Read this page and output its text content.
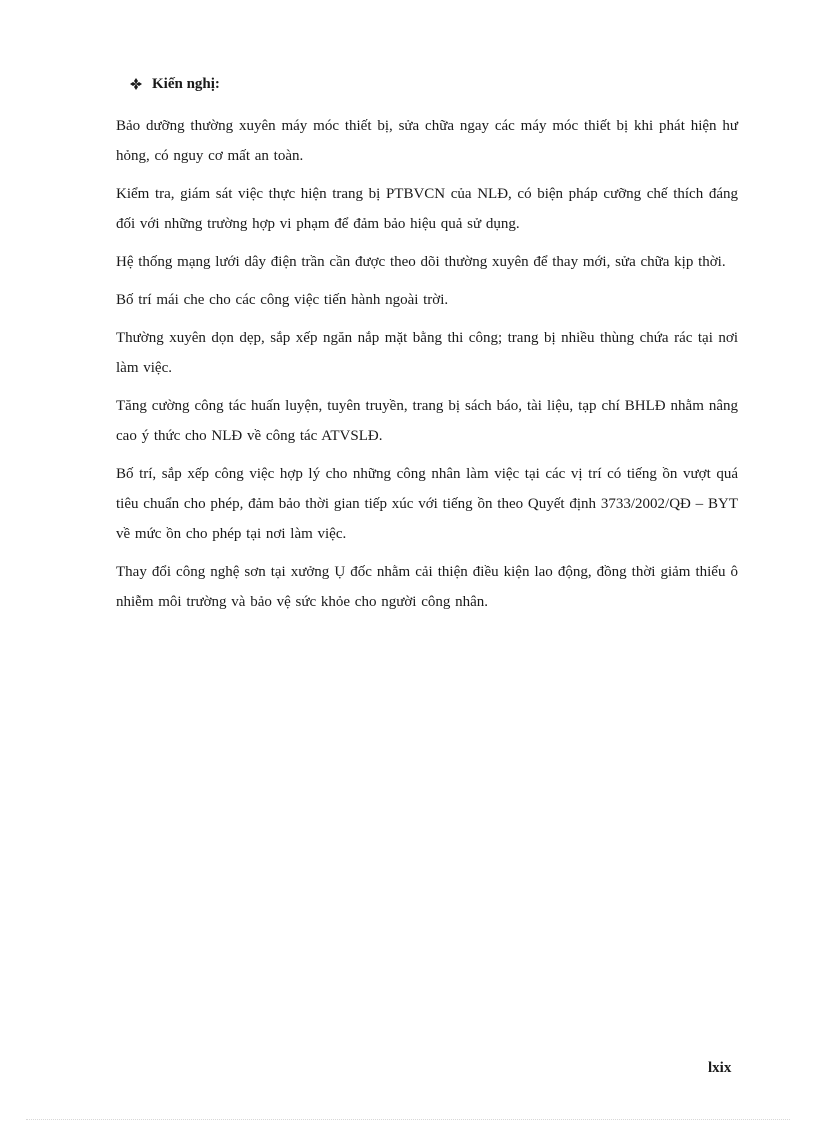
Kiến nghị:

Bảo dưỡng thường xuyên máy móc thiết bị, sửa chữa ngay các máy móc thiết bị khi phát hiện hư hỏng, có nguy cơ mất an toàn.

Kiểm tra, giám sát việc thực hiện trang bị PTBVCN của NLĐ, có biện pháp cưỡng chế thích đáng đối với những trường hợp vi phạm để đảm bảo hiệu quả sử dụng.

Hệ thống mạng lưới dây điện trần cần được theo dõi thường xuyên để thay mới, sửa chữa kịp thời.

Bố trí mái che cho các công việc tiến hành ngoài trời.

Thường xuyên dọn dẹp, sắp xếp ngăn nắp mặt bằng thi công; trang bị nhiều thùng chứa rác tại nơi làm việc.

Tăng cường công tác huấn luyện, tuyên truyền, trang bị sách báo, tài liệu, tạp chí BHLĐ nhằm nâng cao ý thức cho NLĐ về công tác ATVSLĐ.

Bố trí, sắp xếp công việc hợp lý cho những công nhân làm việc tại các vị trí có tiếng ồn vượt quá tiêu chuẩn cho phép, đảm bảo thời gian tiếp xúc với tiếng ồn theo Quyết định 3733/2002/QĐ – BYT về mức ồn cho phép tại nơi làm việc.

Thay đổi công nghệ sơn tại xưởng Ụ đốc nhằm cải thiện điều kiện lao động, đồng thời giảm thiểu ô nhiễm môi trường và bảo vệ sức khỏe cho người công nhân.

lxix
